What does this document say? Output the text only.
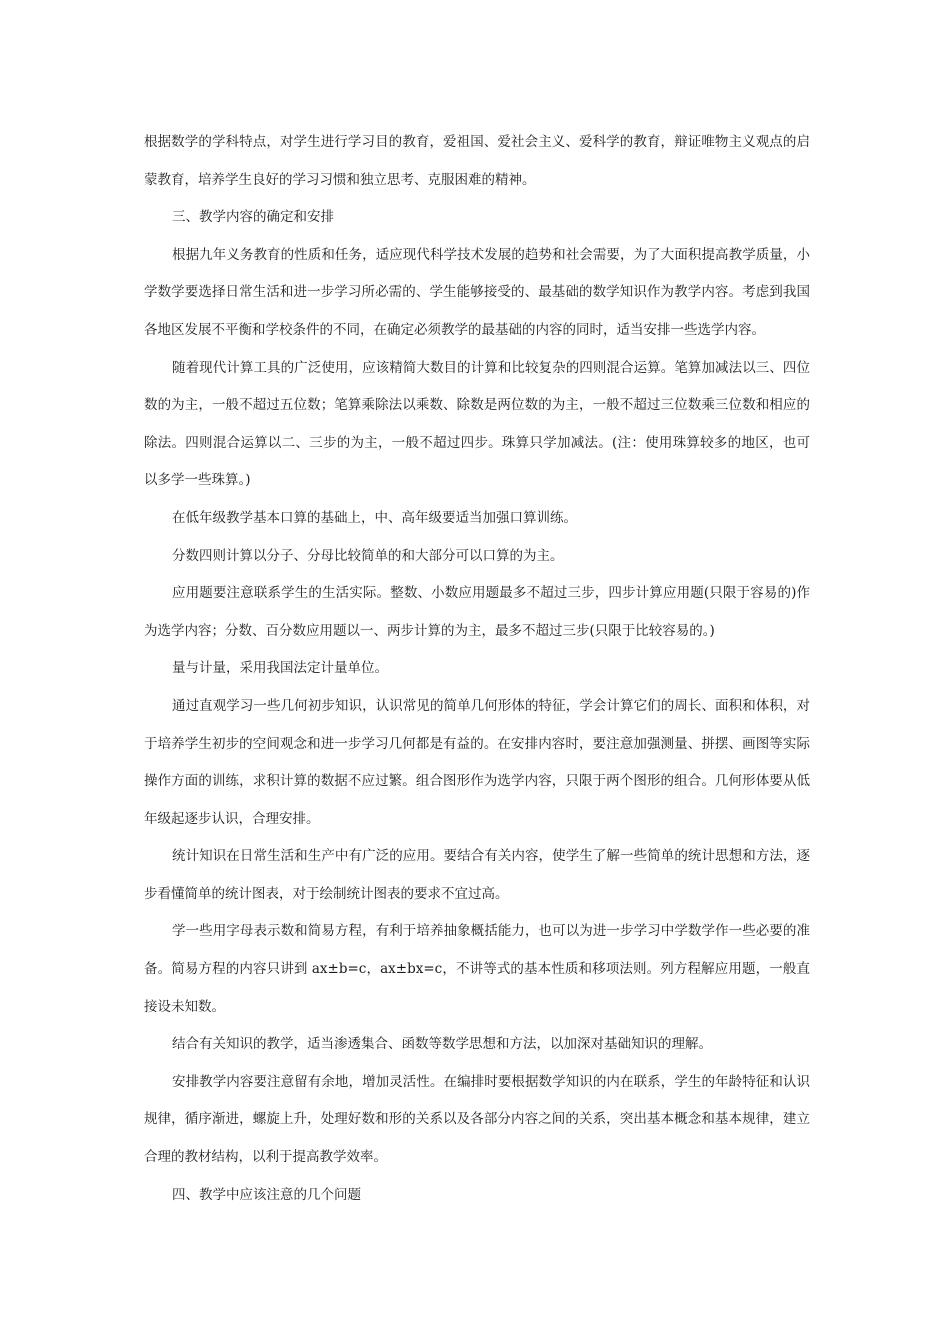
根据数学的学科特点，对学生进行学习目的教育，爱祖国、爱社会主义、爱科学的教育，辩证唯物主义观点的启蒙教育，培养学生良好的学习习惯和独立思考、克服困难的精神。

三、教学内容的确定和安排

根据九年义务教育的性质和任务，适应现代科学技术发展的趋势和社会需要，为了大面积提高教学质量，小学数学要选择日常生活和进一步学习所必需的、学生能够接受的、最基础的数学知识作为教学内容。考虑到我国各地区发展不平衡和学校条件的不同，在确定必须教学的最基础的内容的同时，适当安排一些选学内容。

随着现代计算工具的广泛使用，应该精简大数目的计算和比较复杂的四则混合运算。笔算加减法以三、四位数的为主，一般不超过五位数；笔算乘除法以乘数、除数是两位数的为主，一般不超过三位数乘三位数和相应的除法。四则混合运算以二、三步的为主，一般不超过四步。珠算只学加减法。(注：使用珠算较多的地区，也可以多学一些珠算。)

在低年级教学基本口算的基础上，中、高年级要适当加强口算训练。

分数四则计算以分子、分母比较简单的和大部分可以口算的为主。

应用题要注意联系学生的生活实际。整数、小数应用题最多不超过三步，四步计算应用题(只限于容易的)作为选学内容；分数、百分数应用题以一、两步计算的为主，最多不超过三步(只限于比较容易的。)

量与计量，采用我国法定计量单位。

通过直观学习一些几何初步知识，认识常见的简单几何形体的特征，学会计算它们的周长、面积和体积，对于培养学生初步的空间观念和进一步学习几何都是有益的。在安排内容时，要注意加强测量、拼摆、画图等实际操作方面的训练，求积计算的数据不应过繁。组合图形作为选学内容，只限于两个图形的组合。几何形体要从低年级起逐步认识，合理安排。

统计知识在日常生活和生产中有广泛的应用。要结合有关内容，使学生了解一些简单的统计思想和方法，逐步看懂简单的统计图表，对于绘制统计图表的要求不宜过高。

学一些用字母表示数和简易方程，有利于培养抽象概括能力，也可以为进一步学习中学数学作一些必要的准备。简易方程的内容只讲到 ax±b=c，ax±bx=c，不讲等式的基本性质和移项法则。列方程解应用题，一般直接设未知数。

结合有关知识的教学，适当渗透集合、函数等数学思想和方法，以加深对基础知识的理解。

安排教学内容要注意留有余地，增加灵活性。在编排时要根据数学知识的内在联系，学生的年龄特征和认识规律，循序渐进，螺旋上升，处理好数和形的关系以及各部分内容之间的关系，突出基本概念和基本规律，建立合理的教材结构，以利于提高教学效率。

四、教学中应该注意的几个问题
